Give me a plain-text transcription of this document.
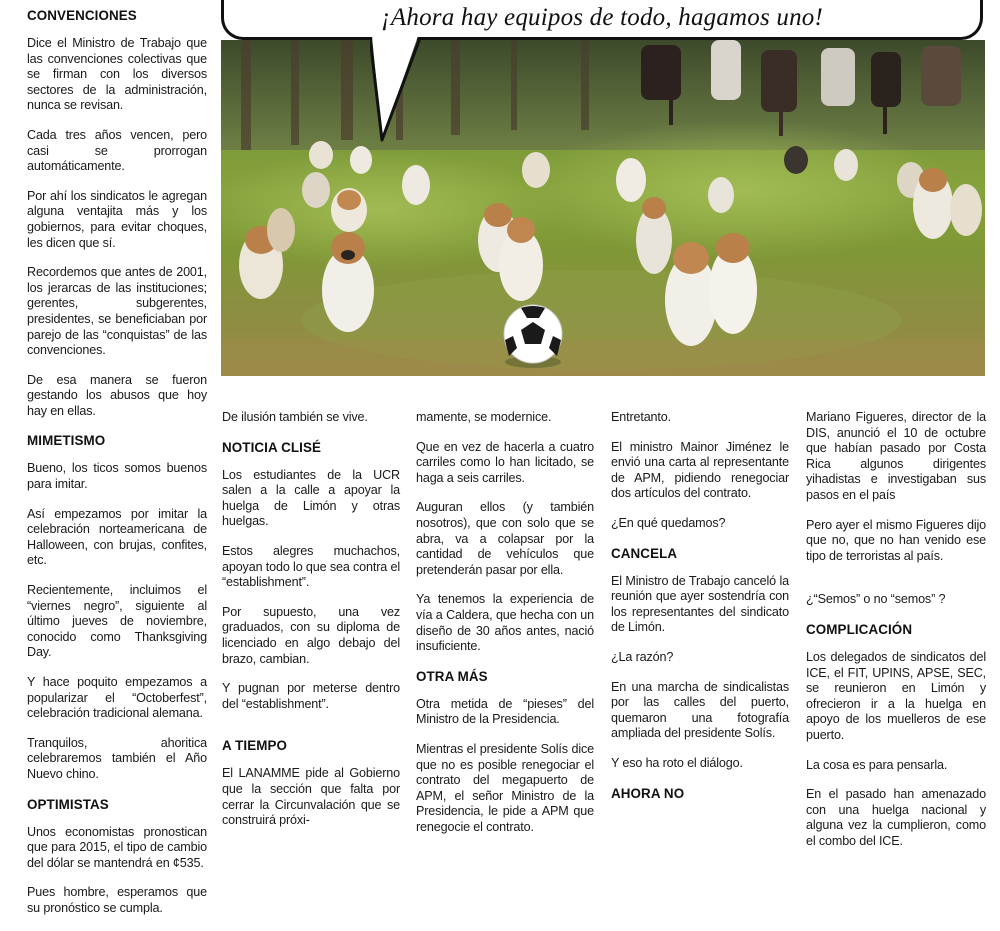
CONVENCIONES

Dice el Ministro de Trabajo que las convenciones colectivas que se firman con los diversos sectores de la administración, nunca se revisan.

Cada tres años vencen, pero casi se prorrogan automáticamente.

Por ahí los sindicatos le agregan alguna ventajita más y los gobiernos, para evitar choques, les dicen que sí.

Recordemos que antes de 2001, los jerarcas de las instituciones; gerentes, subgerentes, presidentes, se beneficiaban por parejo de las “conquistas” de las convenciones.

De esa manera se fueron gestando los abusos que hoy hay en ellas.

MIMETISMO

Bueno, los ticos somos buenos para imitar.

Así empezamos por imitar la celebración norteamericana de Halloween, con brujas, confites, etc.

Recientemente, incluimos el “viernes negro”, siguiente al último jueves de noviembre, conocido como Thanksgiving Day.

Y hace poquito empezamos a popularizar el “Octoberfest”, celebración tradicional alemana.

Tranquilos, ahoritica celebraremos también el Año Nuevo chino.

OPTIMISTAS

Unos economistas pronostican que para 2015, el tipo de cambio del dólar se mantendrá en ¢535.

Pues hombre, esperamos que su pronóstico se cumpla.

¡Ahora hay equipos de todo, hagamos uno!

De ilusión también se vive.

NOTICIA CLISÉ

Los estudiantes de la UCR salen a la calle a apoyar la huelga de Limón y otras huelgas.

Estos alegres muchachos, apoyan todo lo que sea contra el “establishment”.

Por supuesto, una vez graduados, con su diploma de licenciado en algo debajo del brazo, cambian.

Y pugnan por meterse dentro del “establishment”.

A TIEMPO

El LANAMME pide al Gobierno que la sección que falta por cerrar la Circunvalación que se construirá próxi-

mamente, se modernice.

Que en vez de hacerla a cuatro carriles como lo han licitado, se haga a seis carriles.

Auguran ellos (y también nosotros), que con solo que se abra, va a colapsar por la cantidad de vehículos que pretenderán pasar por ella.

Ya tenemos la experiencia de vía a Caldera, que hecha con un diseño de 30 años antes, nació insuficiente.

OTRA MÁS

Otra metida de “pieses” del Ministro de la Presidencia.

Mientras el presidente Solís dice que no es posible renegociar el contrato del megapuerto de APM, el señor Ministro de la Presidencia, le pide a APM que renegocie el contrato.

Entretanto.

El ministro Mainor Jiménez le envió una carta al representante de APM, pidiendo renegociar dos artículos del contrato.

¿En qué quedamos?

CANCELA

El Ministro de Trabajo canceló la reunión que ayer sostendría con los representantes del sindicato de Limón.

¿La razón?

En una marcha de sindicalistas por las calles del puerto, quemaron una fotografía ampliada del presidente Solís.

Y eso ha roto el diálogo.

AHORA NO

Mariano Figueres, director de la DIS, anunció el 10 de octubre que habían pasado por Costa Rica algunos dirigentes yihadistas e investigaban sus pasos en el país

Pero ayer el mismo Figueres dijo que no, que no han venido ese tipo de terroristas al país.

¿“Semos” o no “semos” ?

COMPLICACIÓN

Los delegados de sindicatos del ICE, el FIT, UPINS, APSE, SEC, se reunieron en Limón y ofrecieron ir a la huelga en apoyo de los muelleros de ese puerto.

La cosa es para pensarla.

En el pasado han amenazado con una huelga nacional y alguna vez la cumplieron, como el combo del ICE.
